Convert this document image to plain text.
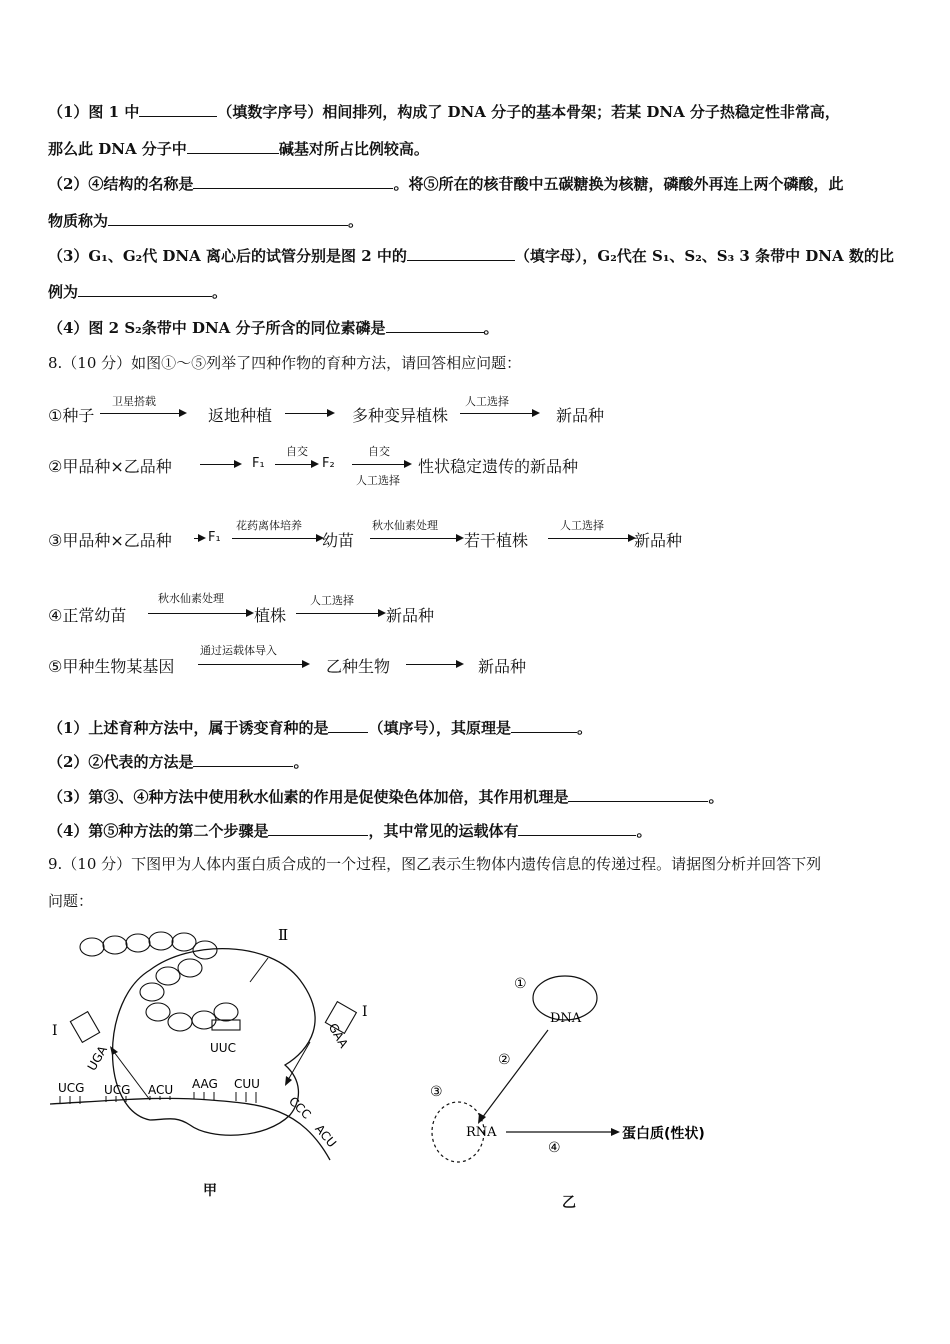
（1）图 1 中	（填数字序号）相间排列，构成了 DNA 分子的基本骨架；若某 DNA 分子热稳定性非常高，
那么此 DNA 分子中	碱基对所占比例较高。
（2）④结构的名称是	。将⑤所在的核苷酸中五碳糖换为核糖，磷酸外再连上两个磷酸，此
物质称为	。
（3）G₁、G₂代 DNA 离心后的试管分别是图 2 中的	（填字母），G₂代在 S₁、S₂、S₃ 3 条带中 DNA 数的比
例为	。
（4）图 2 S₂条带中 DNA 分子所含的同位素磷是	。
8.（10 分）如图①～⑤列举了四种作物的育种方法，请回答相应问题：
①种子
卫星搭载
返地种植	多种变异植株
人工选择
新品种
②甲品种×乙品种	F₁
自交
F₂
自交
人工选择
性状稳定遗传的新品种
③甲品种×乙品种	F₁
花药离体培养
幼苗
秋水仙素处理
若干植株
人工选择
新品种
④正常幼苗
秋水仙素处理
植株
人工选择
新品种
⑤甲种生物某基因
通过运载体导入
乙种生物	新品种
（1）上述育种方法中，属于诱变育种的是	（填序号），其原理是	。
（2）②代表的方法是	。
（3）第③、④种方法中使用秋水仙素的作用是促使染色体加倍，其作用机理是	。
（4）第⑤种方法的第二个步骤是	，其中常见的运载体有	。
9.（10 分）下图甲为人体内蛋白质合成的一个过程，图乙表示生物体内遗传信息的传递过程。请据图分析并回答下列
问题：
Ⅱ
UUC
Ⅰ
UGA
Ⅰ
GAA
UCG UCG ACU AAG CUU
CCC
ACU
甲
①
DNA
②
③
RNA
④
蛋白质(性状)
乙
